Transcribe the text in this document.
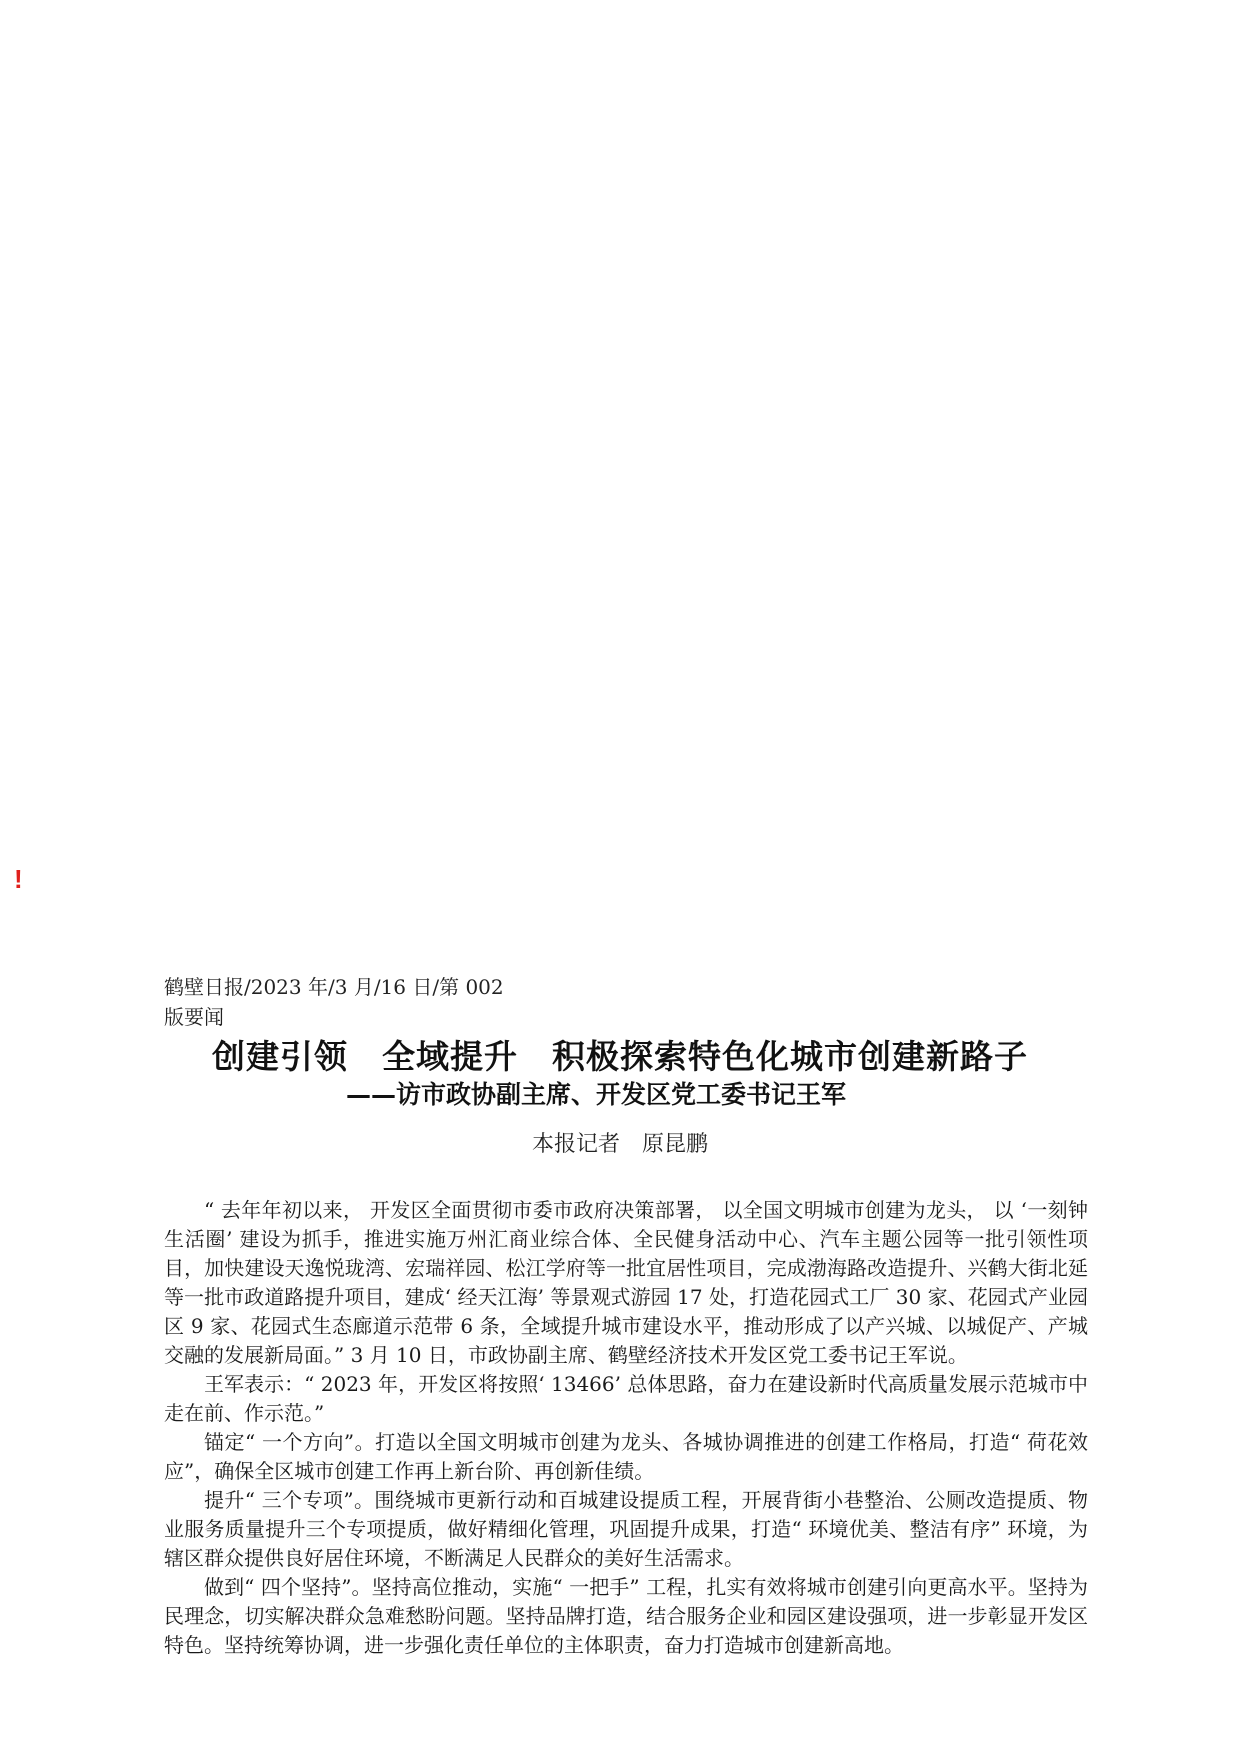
!
鹤壁日报/2023 年/3 月/16 日/第 002
版要闻
创建引领　全域提升　积极探索特色化城市创建新路子
——访市政协副主席、开发区党工委书记王军
本报记者　原昆鹏

“ 去年年初以来， 开发区全面贯彻市委市政府决策部署， 以全国文明城市创建为龙头， 以 ‘一刻钟生活圈’ 建设为抓手，推进实施万州汇商业综合体、全民健身活动中心、汽车主题公园等一批引领性项目，加快建设天逸悦珑湾、宏瑞祥园、松江学府等一批宜居性项目，完成渤海路改造提升、兴鹤大街北延等一批市政道路提升项目，建成‘ 经天江海’ 等景观式游园 17 处，打造花园式工厂 30 家、花园式产业园区 9 家、花园式生态廊道示范带 6 条，全域提升城市建设水平，推动形成了以产兴城、以城促产、产城交融的发展新局面。” 3 月 10 日，市政协副主席、鹤壁经济技术开发区党工委书记王军说。

王军表示：“ 2023 年，开发区将按照‘ 13466’ 总体思路，奋力在建设新时代高质量发展示范城市中走在前、作示范。”

锚定“ 一个方向”。打造以全国文明城市创建为龙头、各城协调推进的创建工作格局，打造“ 荷花效应”，确保全区城市创建工作再上新台阶、再创新佳绩。

提升“ 三个专项”。围绕城市更新行动和百城建设提质工程，开展背街小巷整治、公厕改造提质、物业服务质量提升三个专项提质，做好精细化管理，巩固提升成果，打造“ 环境优美、整洁有序” 环境，为辖区群众提供良好居住环境，不断满足人民群众的美好生活需求。

做到“ 四个坚持”。坚持高位推动，实施“ 一把手” 工程，扎实有效将城市创建引向更高水平。坚持为民理念，切实解决群众急难愁盼问题。坚持品牌打造，结合服务企业和园区建设强项，进一步彰显开发区特色。坚持统筹协调，进一步强化责任单位的主体职责，奋力打造城市创建新高地。
